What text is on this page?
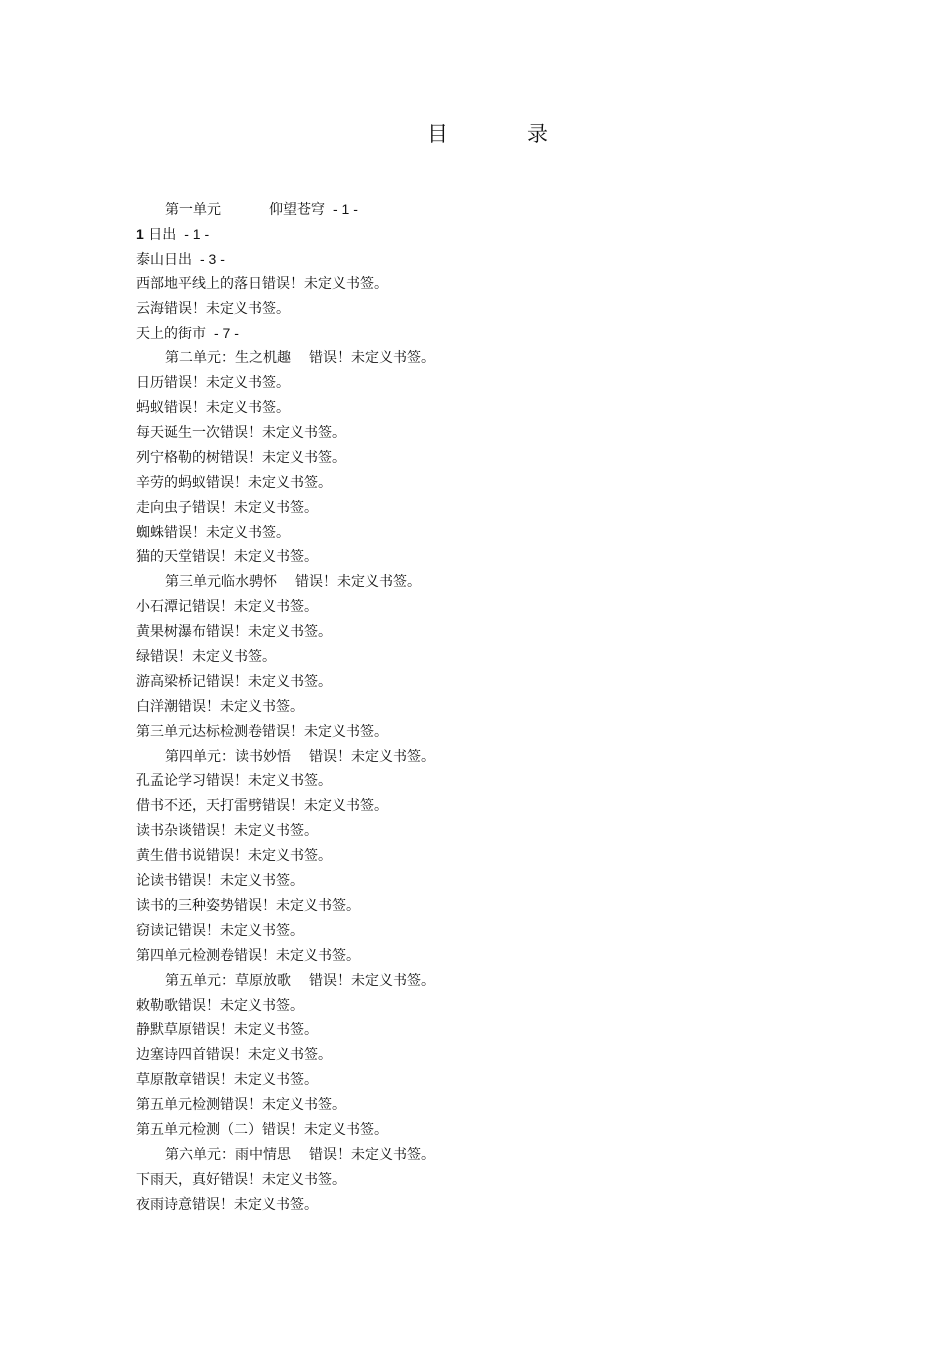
目	录
第一单元	仰望苍穹 - 1 -
1 日出 - 1 -
泰山日出 - 3 -
西部地平线上的落日错误！未定义书签。
云海错误！未定义书签。
天上的街市 - 7 -
第二单元：生之机趣 错误！未定义书签。
日历错误！未定义书签。
蚂蚁错误！未定义书签。
每天诞生一次错误！未定义书签。
列宁格勒的树错误！未定义书签。
辛劳的蚂蚁错误！未定义书签。
走向虫子错误！未定义书签。
蜘蛛错误！未定义书签。
猫的天堂错误！未定义书签。
第三单元临水骋怀 错误！未定义书签。
小石潭记错误！未定义书签。
黄果树瀑布错误！未定义书签。
绿错误！未定义书签。
游高梁桥记错误！未定义书签。
白洋潮错误！未定义书签。
第三单元达标检测卷错误！未定义书签。
第四单元：读书妙悟 错误！未定义书签。
孔孟论学习错误！未定义书签。
借书不还，天打雷劈错误！未定义书签。
读书杂谈错误！未定义书签。
黄生借书说错误！未定义书签。
论读书错误！未定义书签。
读书的三种姿势错误！未定义书签。
窃读记错误！未定义书签。
第四单元检测卷错误！未定义书签。
第五单元：草原放歌 错误！未定义书签。
敕勒歌错误！未定义书签。
静默草原错误！未定义书签。
边塞诗四首错误！未定义书签。
草原散章错误！未定义书签。
第五单元检测错误！未定义书签。
第五单元检测（二）错误！未定义书签。
第六单元：雨中情思 错误！未定义书签。
下雨天，真好错误！未定义书签。
夜雨诗意错误！未定义书签。
